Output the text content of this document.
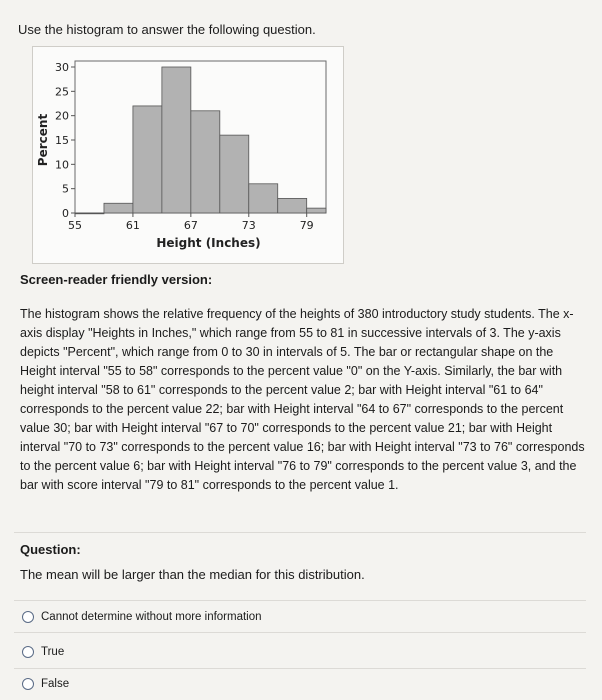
Use the histogram to answer the following question.

0
5
10
15
20
25
30
55	61	67	73	79
Height (Inches)
Percent
Screen-reader friendly version:

The histogram shows the relative frequency of the heights of 380 introductory study students. The x-axis display "Heights in Inches," which range from 55 to 81 in successive intervals of 3. The y-axis depicts "Percent", which range from 0 to 30 in intervals of 5. The bar or rectangular shape on the Height interval "55 to 58" corresponds to the percent value "0" on the Y-axis. Similarly, the bar with height interval "58 to 61" corresponds to the percent value 2; bar with Height interval "61 to 64" corresponds to the percent value 22; bar with Height interval "64 to 67" corresponds to the percent value 30; bar with Height interval "67 to 70" corresponds to the percent value 21; bar with Height interval "70 to 73" corresponds to the percent value 16; bar with Height interval "73 to 76" corresponds to the percent value 6; bar with Height interval "76 to 79" corresponds to the percent value 3, and the bar with score interval "79 to 81" corresponds to the percent value 1.

Question:

The mean will be larger than the median for this distribution.

Cannot determine without more information
True
False
